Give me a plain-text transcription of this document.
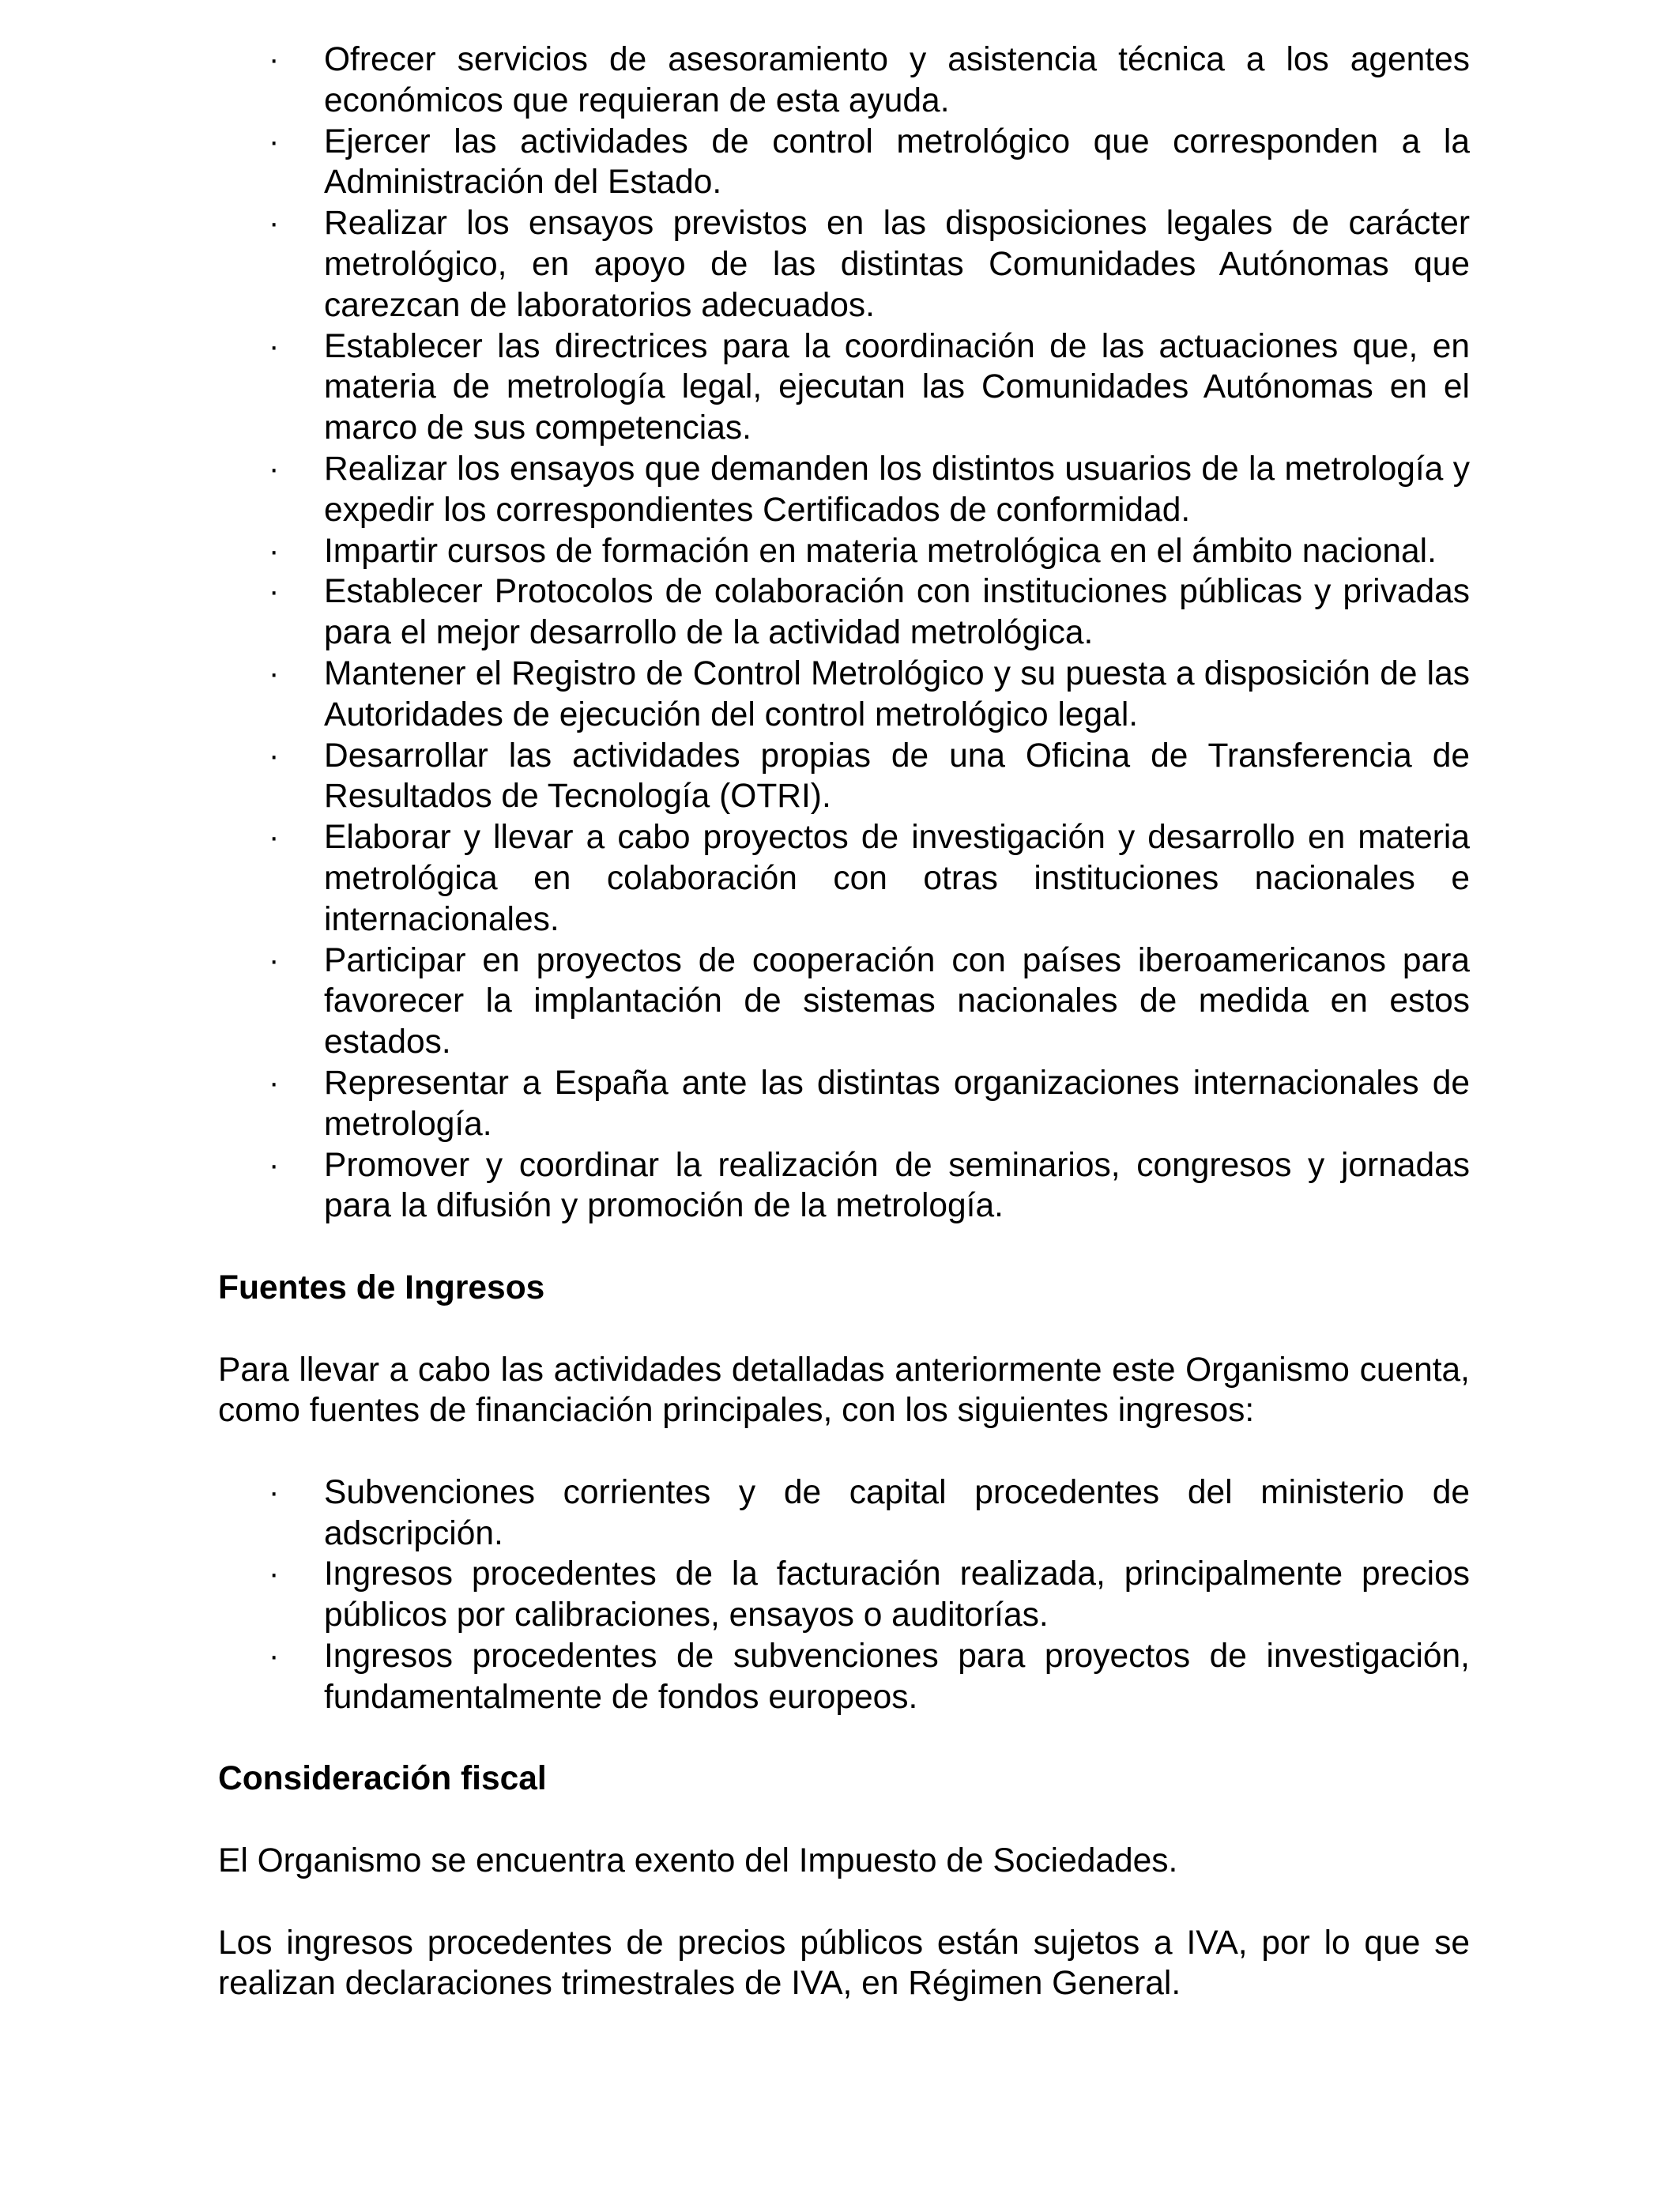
·	Ofrecer servicios de asesoramiento y asistencia técnica a los agentes económicos que requieran de esta ayuda.
·	Ejercer las actividades de control metrológico que corresponden a la Administración del Estado.
·	Realizar los ensayos previstos en las disposiciones legales de carácter metrológico, en apoyo de las distintas Comunidades Autónomas que carezcan de laboratorios adecuados.
·	Establecer las directrices para la coordinación de las actuaciones que, en materia de metrología legal, ejecutan las Comunidades Autónomas en el marco de sus competencias.
·	Realizar los ensayos que demanden los distintos usuarios de la metrología y expedir los correspondientes Certificados de conformidad.
·	Impartir cursos de formación en materia metrológica en el ámbito nacional.
·	Establecer Protocolos de colaboración con instituciones públicas y privadas para el mejor desarrollo de la actividad metrológica.
·	Mantener el Registro de Control Metrológico y su puesta a disposición de las Autoridades de ejecución del control metrológico legal.
·	Desarrollar las actividades propias de una Oficina de Transferencia de Resultados de Tecnología (OTRI).
·	Elaborar y llevar a cabo proyectos de investigación y desarrollo en materia metrológica en colaboración con otras instituciones nacionales e internacionales.
·	Participar en proyectos de cooperación con países iberoamericanos para favorecer la implantación de sistemas nacionales de medida en estos estados.
·	Representar a España ante las distintas organizaciones internacionales de metrología.
·	Promover y coordinar la realización de seminarios, congresos y jornadas para la difusión y promoción de la metrología.
Fuentes de Ingresos

Para llevar a cabo las actividades detalladas anteriormente este Organismo cuenta, como fuentes de financiación principales, con los siguientes ingresos:

·	Subvenciones corrientes y de capital procedentes del ministerio de adscripción.
·	Ingresos procedentes de la facturación realizada, principalmente precios públicos por calibraciones, ensayos o auditorías.
·	Ingresos procedentes de subvenciones para proyectos de investigación, fundamentalmente de fondos europeos.
Consideración fiscal

El Organismo se encuentra exento del Impuesto de Sociedades.

Los ingresos procedentes de precios públicos están sujetos a IVA, por lo que se realizan declaraciones trimestrales de IVA, en Régimen General.
